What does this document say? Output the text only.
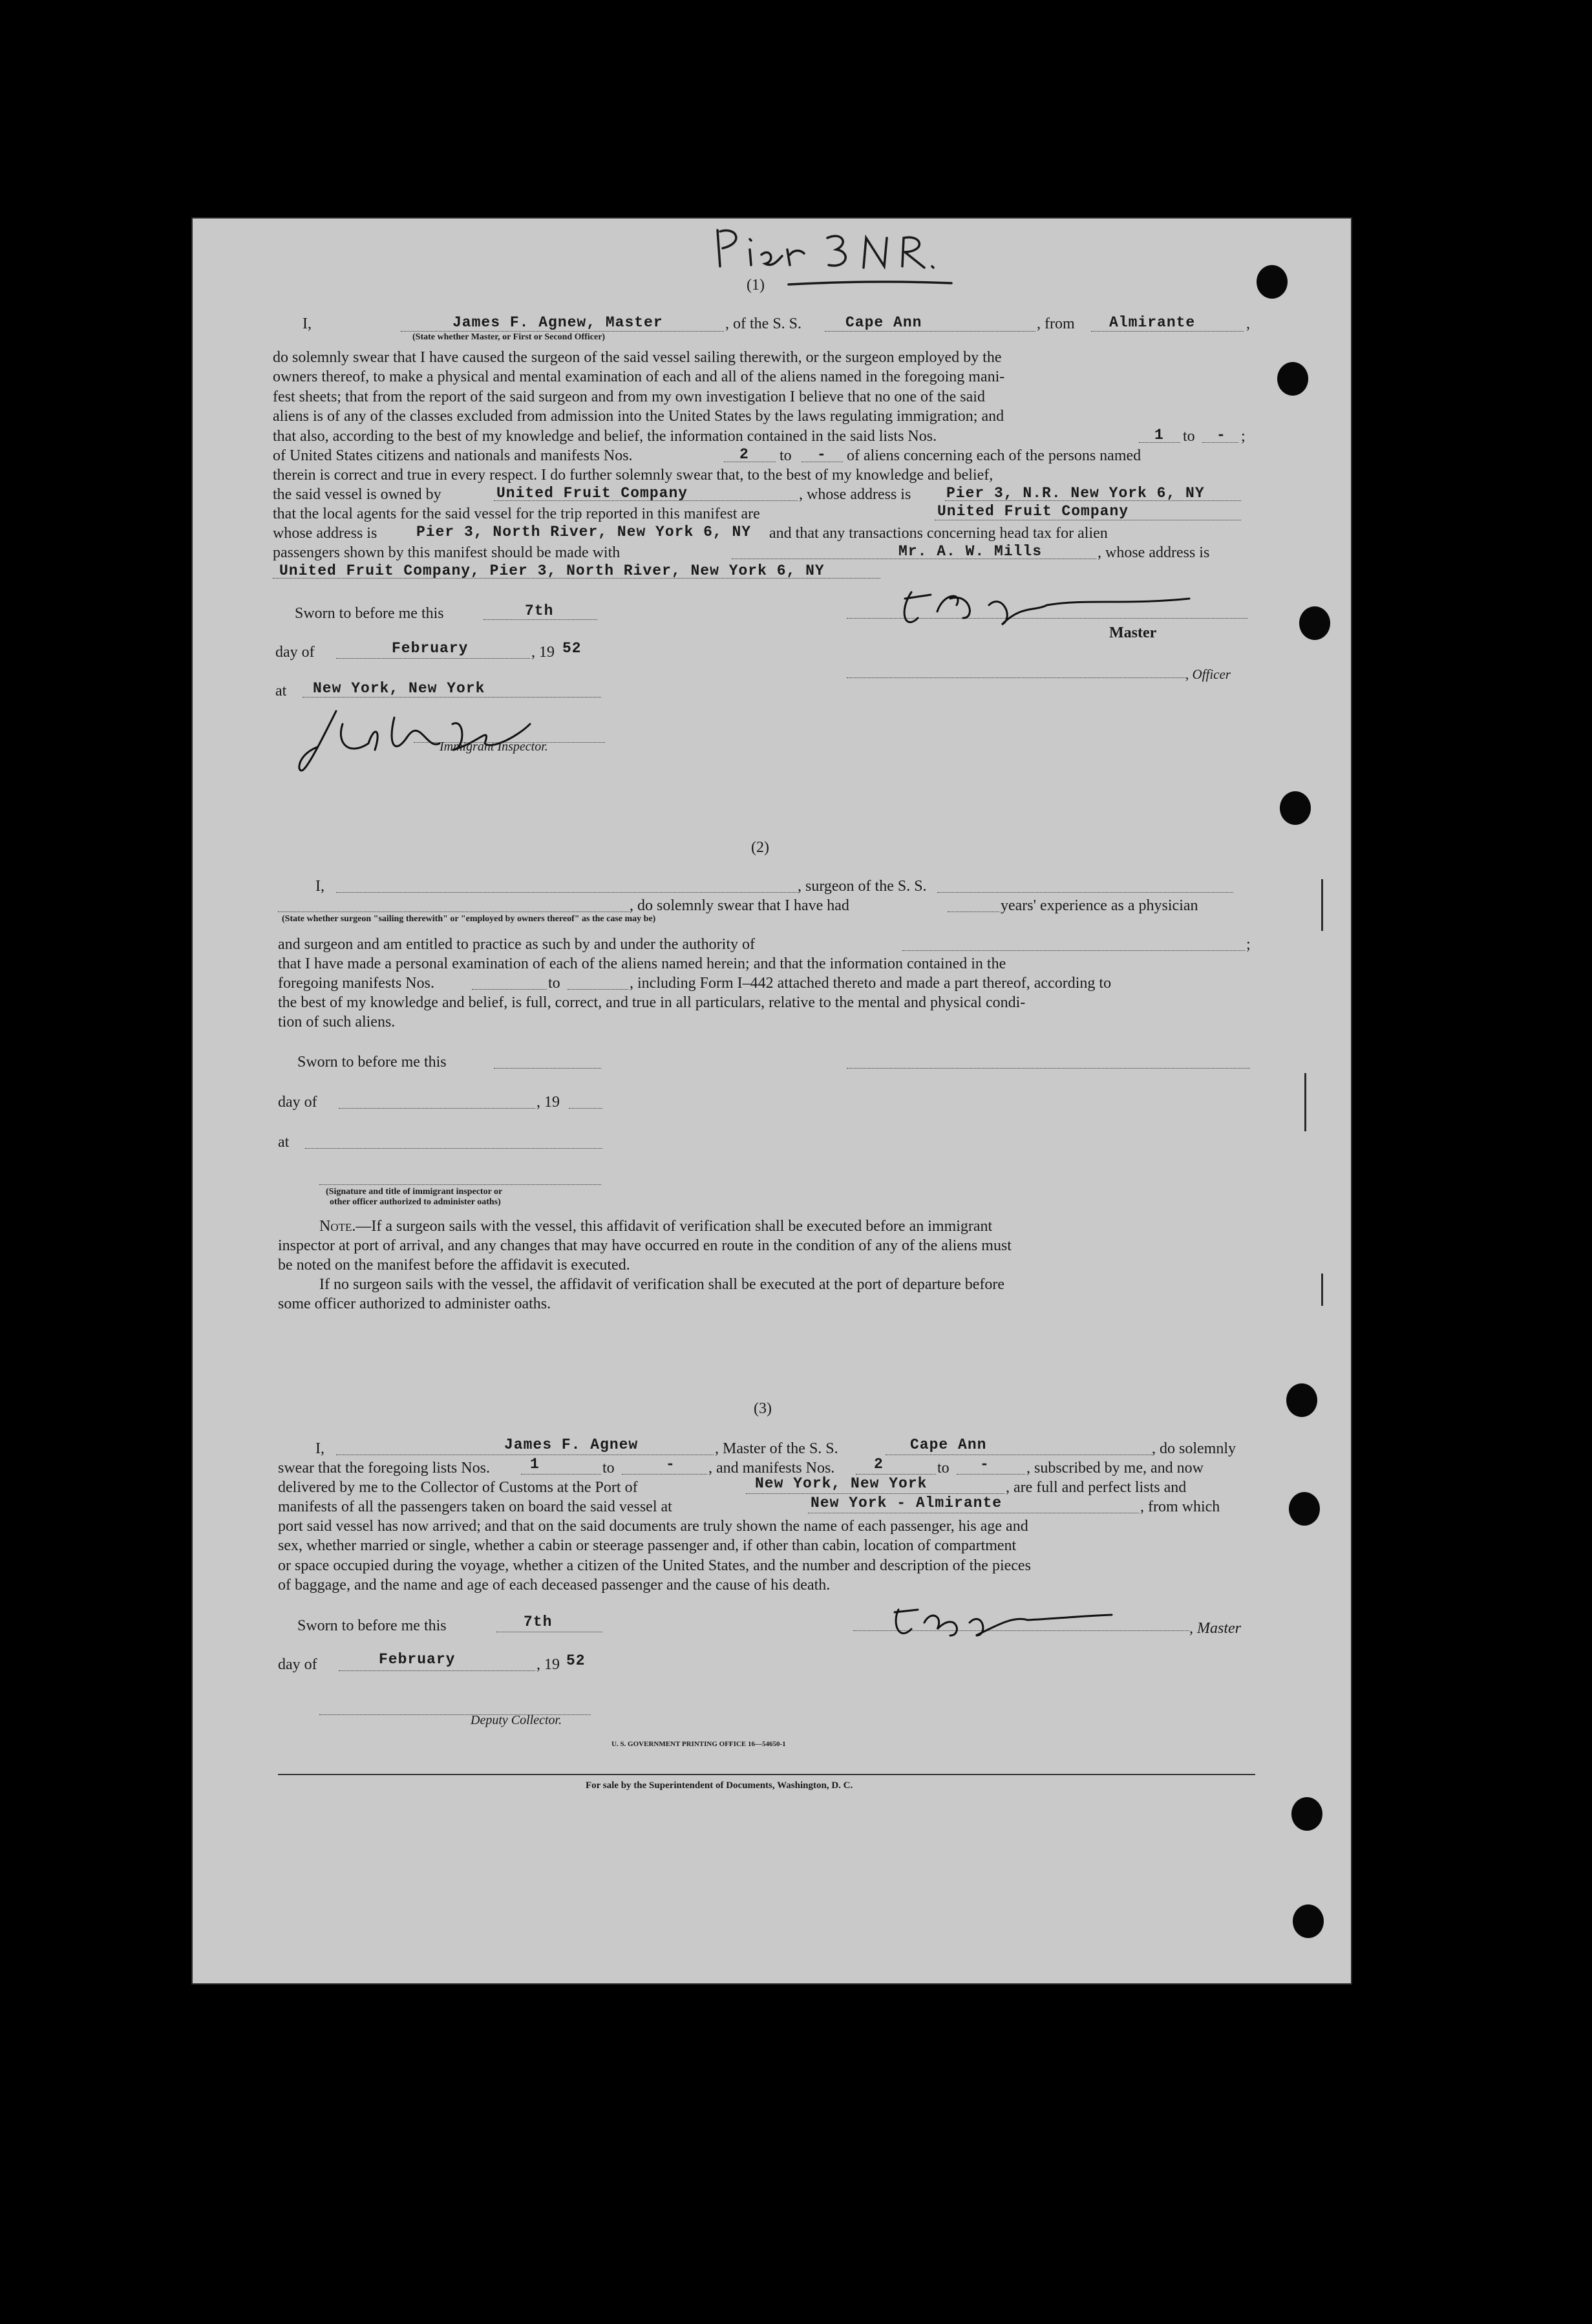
(1)
I,	James F. Agnew, Master	, of the S. S.	Cape Ann	, from Almirante	,
(State whether Master, or First or Second Officer)
do solemnly swear that I have caused the surgeon of the said vessel sailing therewith, or the surgeon employed by the
owners thereof, to make a physical and mental examination of each and all of the aliens named in the foregoing mani-
fest sheets; that from the report of the said surgeon and from my own investigation I believe that no one of the said
aliens is of any of the classes excluded from admission into the United States by the laws regulating immigration; and
that also, according to the best of my knowledge and belief, the information contained in the said lists Nos.	1 to - ;
of United States citizens and nationals and manifests Nos.	2 to - of aliens concerning each of the persons named
therein is correct and true in every respect. I do further solemnly swear that, to the best of my knowledge and belief,
the said vessel is owned by	United Fruit Company	, whose address is Pier 3, N.R. New York 6, NY
that the local agents for the said vessel for the trip reported in this manifest are	United Fruit Company
whose address is	Pier 3, North River, New York 6, NY and that any transactions concerning head tax for alien
passengers shown by this manifest should be made with	Mr. A. W. Mills	, whose address is
United Fruit Company, Pier 3, North River, New York 6, NY
Sworn to before me this	7th
day of	February	, 19 52
at New York, New York
Immigrant Inspector.
Master
, Officer
(2)
I,	, surgeon of the S. S.
, do solemnly swear that I have had	years' experience as a physician
(State whether surgeon "sailing therewith" or "employed by owners thereof" as the case may be)
and surgeon and am entitled to practice as such by and under the authority of	;
that I have made a personal examination of each of the aliens named herein; and that the information contained in the
foregoing manifests Nos.	to	, including Form I–442 attached thereto and made a part thereof, according to
the best of my knowledge and belief, is full, correct, and true in all particulars, relative to the mental and physical condi-
tion of such aliens.
Sworn to before me this
day of	, 19
at
(Signature and title of immigrant inspector or
other officer authorized to administer oaths)
Note.—If a surgeon sails with the vessel, this affidavit of verification shall be executed before an immigrant
inspector at port of arrival, and any changes that may have occurred en route in the condition of any of the aliens must
be noted on the manifest before the affidavit is executed.
If no surgeon sails with the vessel, the affidavit of verification shall be executed at the port of departure before
some officer authorized to administer oaths.
(3)
I,	James F. Agnew	, Master of the S. S.	Cape Ann	, do solemnly
swear that the foregoing lists Nos.	1	to	- , and manifests Nos.	2	to - , subscribed by me, and now
delivered by me to the Collector of Customs at the Port of	New York, New York	, are full and perfect lists and
manifests of all the passengers taken on board the said vessel at	New York - Almirante	, from which
port said vessel has now arrived; and that on the said documents are truly shown the name of each passenger, his age and
sex, whether married or single, whether a cabin or steerage passenger and, if other than cabin, location of compartment
or space occupied during the voyage, whether a citizen of the United States, and the number and description of the pieces
of baggage, and the name and age of each deceased passenger and the cause of his death.
Sworn to before me this	7th
day of	February	, 19 52
, Master
Deputy Collector.
U. S. GOVERNMENT PRINTING OFFICE 16—54650-1
For sale by the Superintendent of Documents, Washington, D. C.
